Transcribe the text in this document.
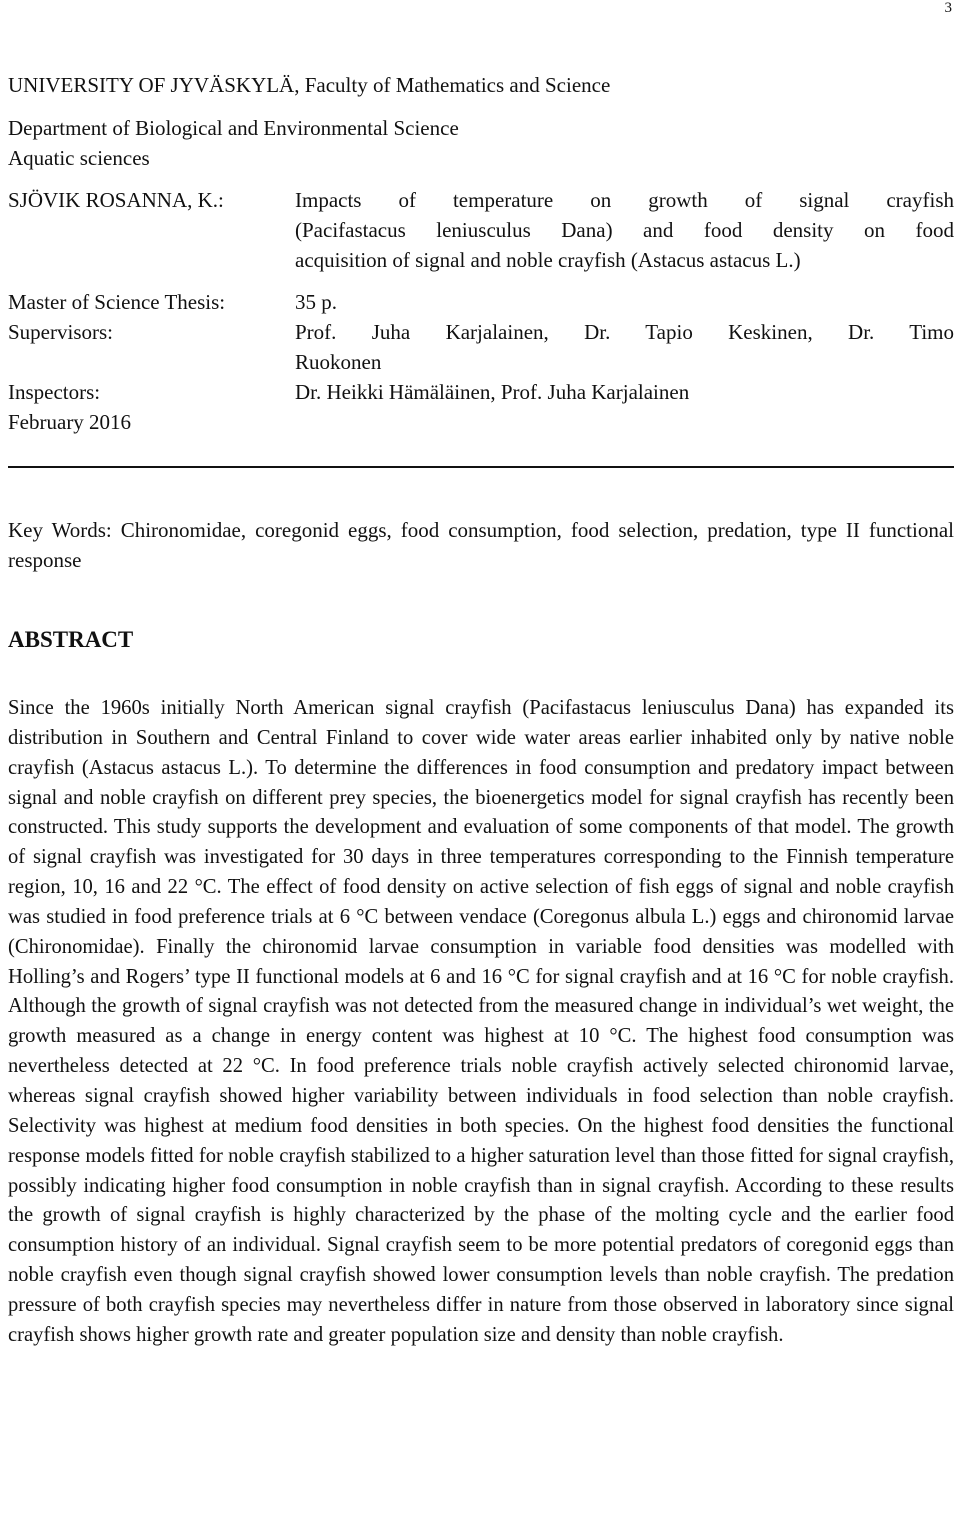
3
UNIVERSITY OF JYVÄSKYLÄ, Faculty of Mathematics and Science
Department of Biological and Environmental Science
Aquatic sciences
SJÖVIK ROSANNA, K.:	Impacts of temperature on growth of signal crayfish
(Pacifastacus leniusculus Dana) and food density on food
acquisition of signal and noble crayfish (Astacus astacus L.)
Master of Science Thesis:	35 p.
Supervisors:	Prof. Juha Karjalainen, Dr. Tapio Keskinen, Dr. Timo
Ruokonen
Inspectors:	Dr. Heikki Hämäläinen, Prof. Juha Karjalainen
February 2016
Key Words: Chironomidae, coregonid eggs, food consumption, food selection, predation, type II functional response
ABSTRACT
Since the 1960s initially North American signal crayfish (Pacifastacus leniusculus Dana) has expanded its distribution in Southern and Central Finland to cover wide water areas earlier inhabited only by native noble crayfish (Astacus astacus L.). To determine the differences in food consumption and predatory impact between signal and noble crayfish on different prey species, the bioenergetics model for signal crayfish has recently been constructed. This study supports the development and evaluation of some components of that model. The growth of signal crayfish was investigated for 30 days in three temperatures corresponding to the Finnish temperature region, 10, 16 and 22 °C. The effect of food density on active selection of fish eggs of signal and noble crayfish was studied in food preference trials at 6 °C between vendace (Coregonus albula L.) eggs and chironomid larvae (Chironomidae). Finally the chironomid larvae consumption in variable food densities was modelled with Holling’s and Rogers’ type II functional models at 6 and 16 °C for signal crayfish and at 16 °C for noble crayfish. Although the growth of signal crayfish was not detected from the measured change in individual’s wet weight, the growth measured as a change in energy content was highest at 10 °C. The highest food consumption was nevertheless detected at 22 °C. In food preference trials noble crayfish actively selected chironomid larvae, whereas signal crayfish showed higher variability between individuals in food selection than noble crayfish. Selectivity was highest at medium food densities in both species. On the highest food densities the functional response models fitted for noble crayfish stabilized to a higher saturation level than those fitted for signal crayfish, possibly indicating higher food consumption in noble crayfish than in signal crayfish. According to these results the growth of signal crayfish is highly characterized by the phase of the molting cycle and the earlier food consumption history of an individual. Signal crayfish seem to be more potential predators of coregonid eggs than noble crayfish even though signal crayfish showed lower consumption levels than noble crayfish. The predation pressure of both crayfish species may nevertheless differ in nature from those observed in laboratory since signal crayfish shows higher growth rate and greater population size and density than noble crayfish.
